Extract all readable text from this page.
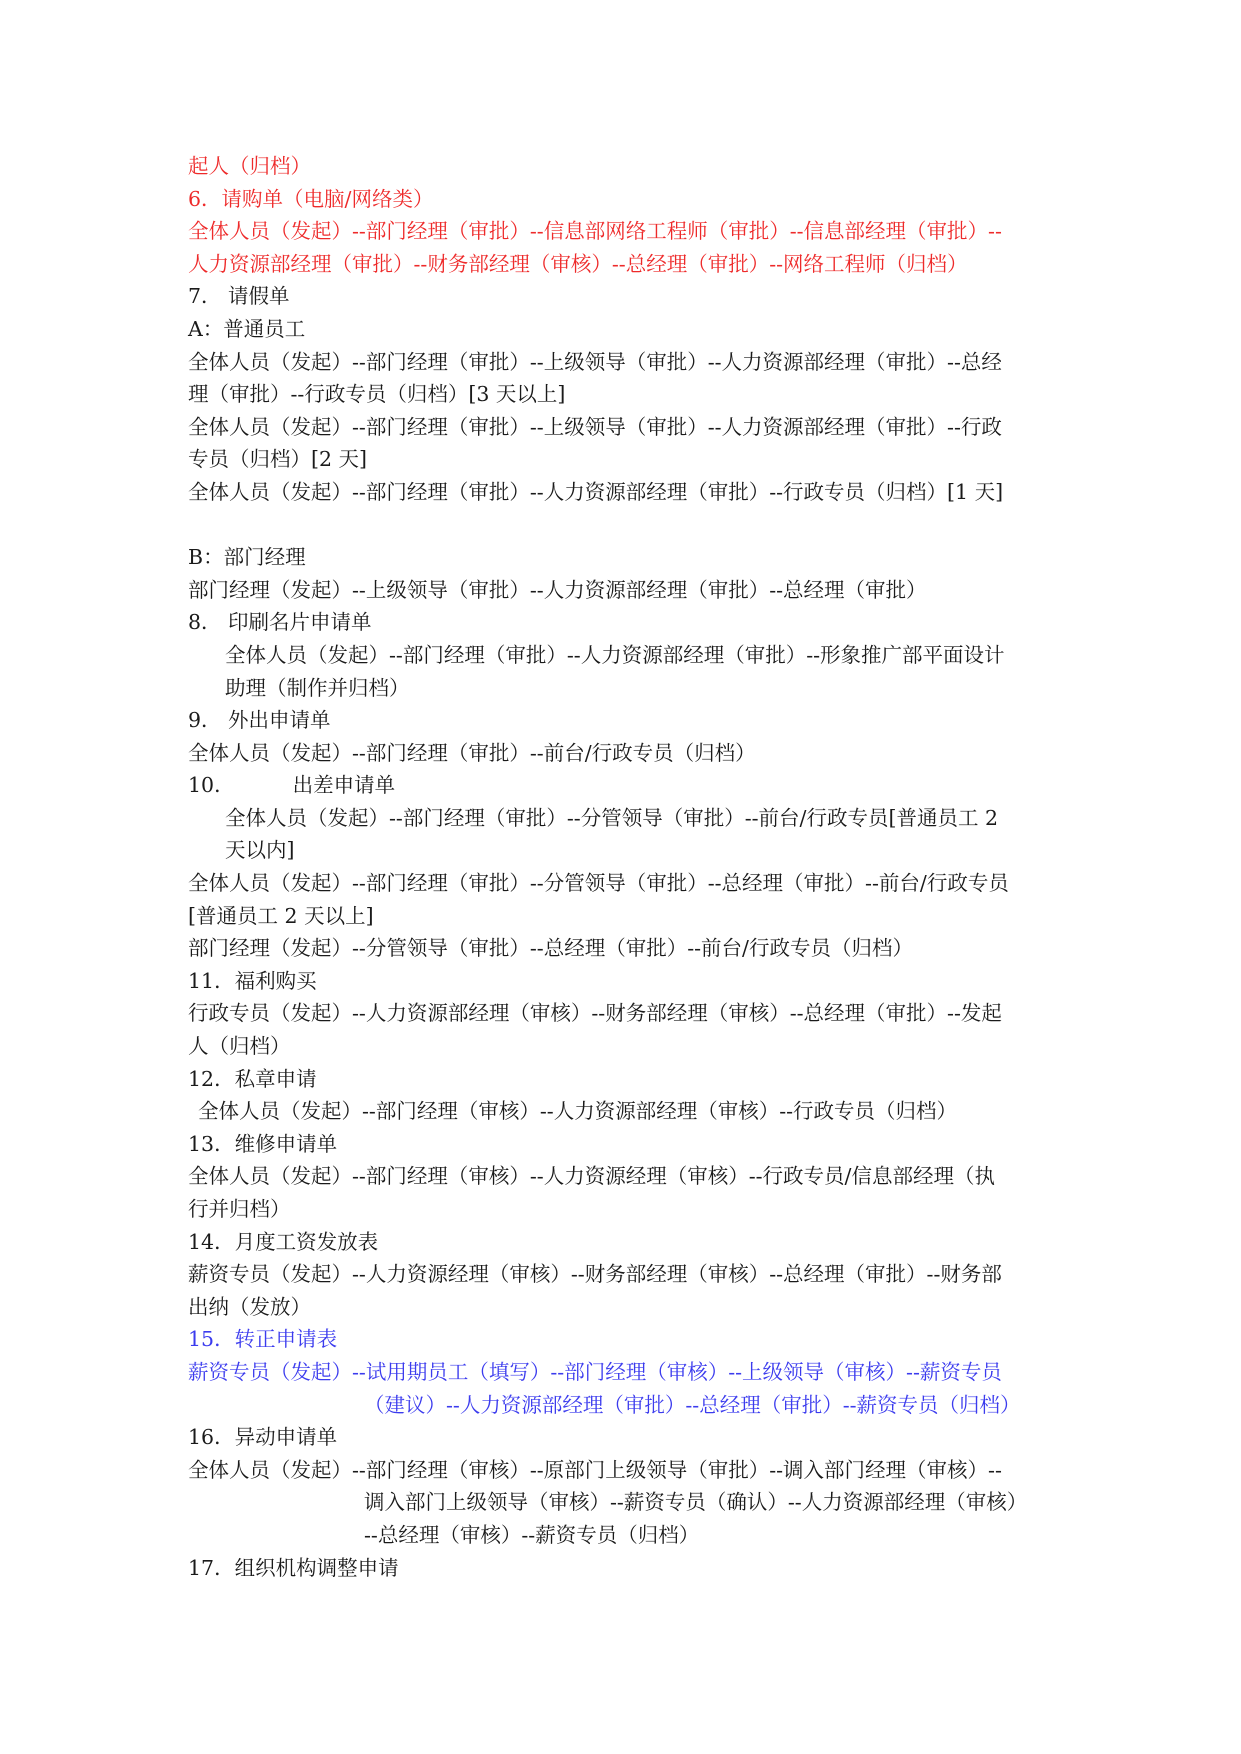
起人（归档）
6．请购单（电脑/网络类）
全体人员（发起）--部门经理（审批）--信息部网络工程师（审批）--信息部经理（审批）--
人力资源部经理（审批）--财务部经理（审核）--总经理（审批）--网络工程师（归档）
7． 请假单
A：普通员工
全体人员（发起）--部门经理（审批）--上级领导（审批）--人力资源部经理（审批）--总经
理（审批）--行政专员（归档）[3 天以上]
全体人员（发起）--部门经理（审批）--上级领导（审批）--人力资源部经理（审批）--行政
专员（归档）[2 天]
全体人员（发起）--部门经理（审批）--人力资源部经理（审批）--行政专员（归档）[1 天]
B：部门经理
部门经理（发起）--上级领导（审批）--人力资源部经理（审批）--总经理（审批）
8． 印刷名片申请单
全体人员（发起）--部门经理（审批）--人力资源部经理（审批）--形象推广部平面设计
助理（制作并归档）
9． 外出申请单
全体人员（发起）--部门经理（审批）--前台/行政专员（归档）
10．	出差申请单
全体人员（发起）--部门经理（审批）--分管领导（审批）--前台/行政专员[普通员工 2
天以内]
全体人员（发起）--部门经理（审批）--分管领导（审批）--总经理（审批）--前台/行政专员
[普通员工 2 天以上]
部门经理（发起）--分管领导（审批）--总经理（审批）--前台/行政专员（归档）
11．福利购买
行政专员（发起）--人力资源部经理（审核）--财务部经理（审核）--总经理（审批）--发起
人（归档）
12．私章申请
全体人员（发起）--部门经理（审核）--人力资源部经理（审核）--行政专员（归档）
13．维修申请单
全体人员（发起）--部门经理（审核）--人力资源经理（审核）--行政专员/信息部经理（执
行并归档）
14．月度工资发放表
薪资专员（发起）--人力资源经理（审核）--财务部经理（审核）--总经理（审批）--财务部
出纳（发放）
15．转正申请表
薪资专员（发起）--试用期员工（填写）--部门经理（审核）--上级领导（审核）--薪资专员
（建议）--人力资源部经理（审批）--总经理（审批）--薪资专员（归档）
16．异动申请单
全体人员（发起）--部门经理（审核）--原部门上级领导（审批）--调入部门经理（审核）--
调入部门上级领导（审核）--薪资专员（确认）--人力资源部经理（审核）
--总经理（审核）--薪资专员（归档）
17．组织机构调整申请
